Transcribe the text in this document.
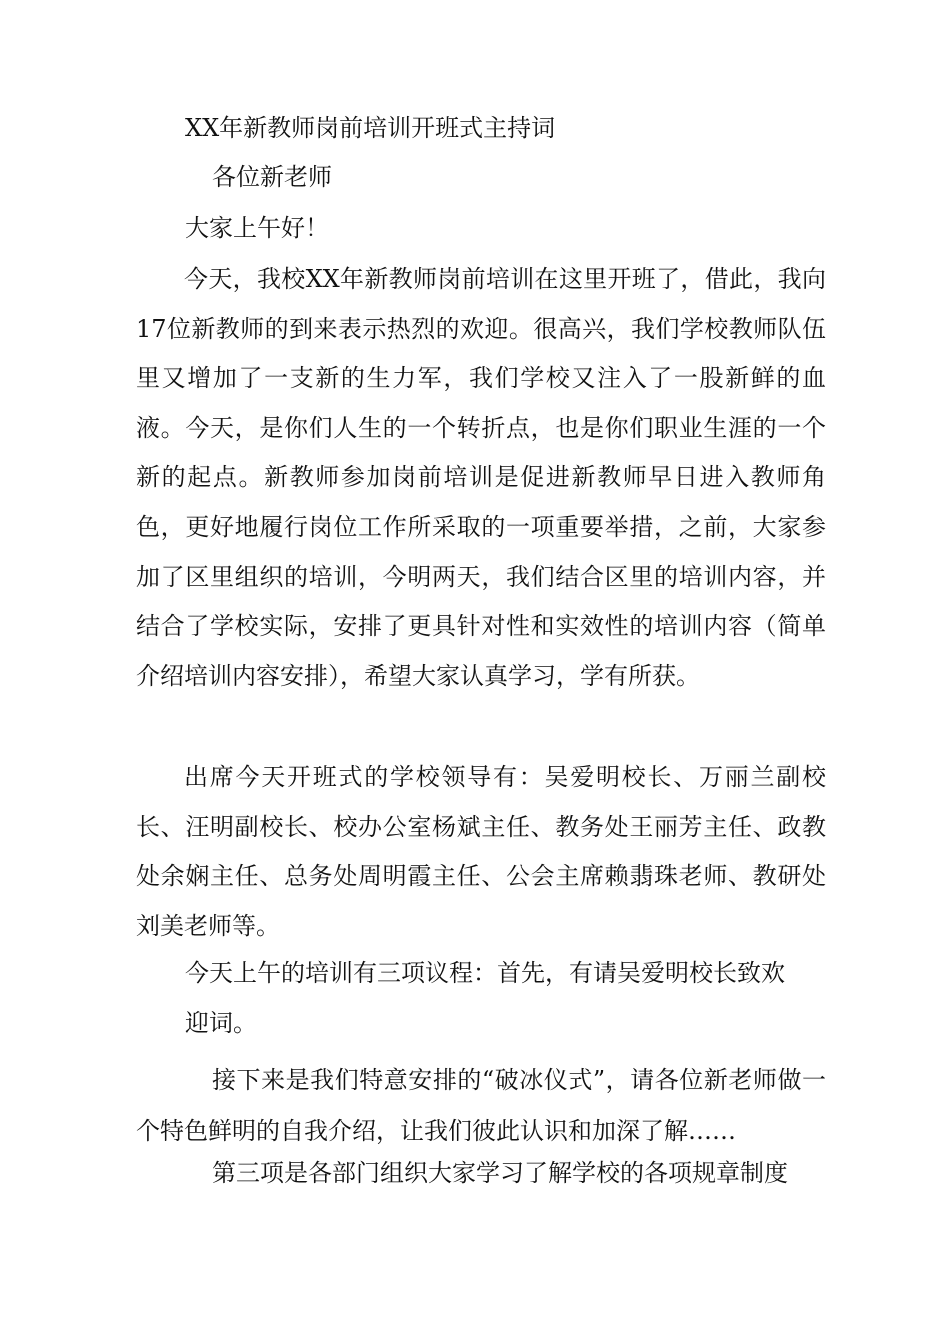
XX年新教师岗前培训开班式主持词
各位新老师
大家上午好！
今天，我校XX年新教师岗前培训在这里开班了，借此，我向17位新教师的到来表示热烈的欢迎。很高兴，我们学校教师队伍里又增加了一支新的生力军，我们学校又注入了一股新鲜的血液。今天，是你们人生的一个转折点，也是你们职业生涯的一个新的起点。新教师参加岗前培训是促进新教师早日进入教师角色，更好地履行岗位工作所采取的一项重要举措，之前，大家参加了区里组织的培训，今明两天，我们结合区里的培训内容，并结合了学校实际，安排了更具针对性和实效性的培训内容（简单介绍培训内容安排），希望大家认真学习，学有所获。
出席今天开班式的学校领导有：吴爱明校长、万丽兰副校长、汪明副校长、校办公室杨斌主任、教务处王丽芳主任、政教处余娴主任、总务处周明霞主任、公会主席赖翡珠老师、教研处刘美老师等。
今天上午的培训有三项议程：首先，有请吴爱明校长致欢
迎词。
接下来是我们特意安排的“破冰仪式”，请各位新老师做一个特色鲜明的自我介绍，让我们彼此认识和加深了解……
第三项是各部门组织大家学习了解学校的各项规章制度
